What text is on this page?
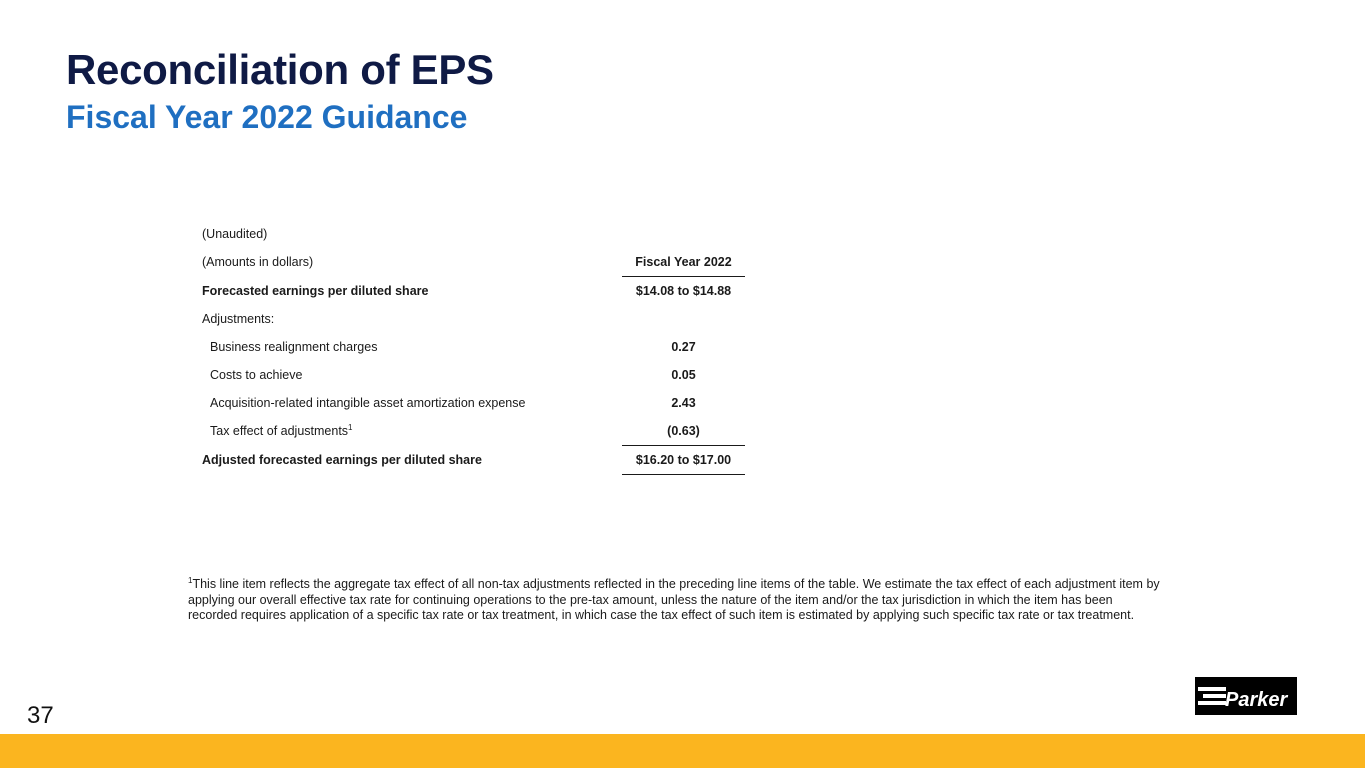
Reconciliation of EPS
Fiscal Year 2022 Guidance
(Unaudited)		
(Amounts in dollars)		Fiscal Year 2022
Forecasted earnings per diluted share		$14.08 to $14.88
Adjustments:		
Business realignment charges		0.27
Costs to achieve		0.05
Acquisition-related intangible asset amortization expense		2.43
Tax effect of adjustments$^1$		(0.63)
Adjusted forecasted earnings per diluted share		$16.20 to $17.00

$^1$This line item reflects the aggregate tax effect of all non-tax adjustments reflected in the preceding line items of the table. We estimate the tax effect of each adjustment item by applying our overall effective tax rate for continuing operations to the pre-tax amount, unless the nature of the item and/or the tax jurisdiction in which the item has been recorded requires application of a specific tax rate or tax treatment, in which case the tax effect of such item is estimated by applying such specific tax rate or tax treatment.

37
Parker
